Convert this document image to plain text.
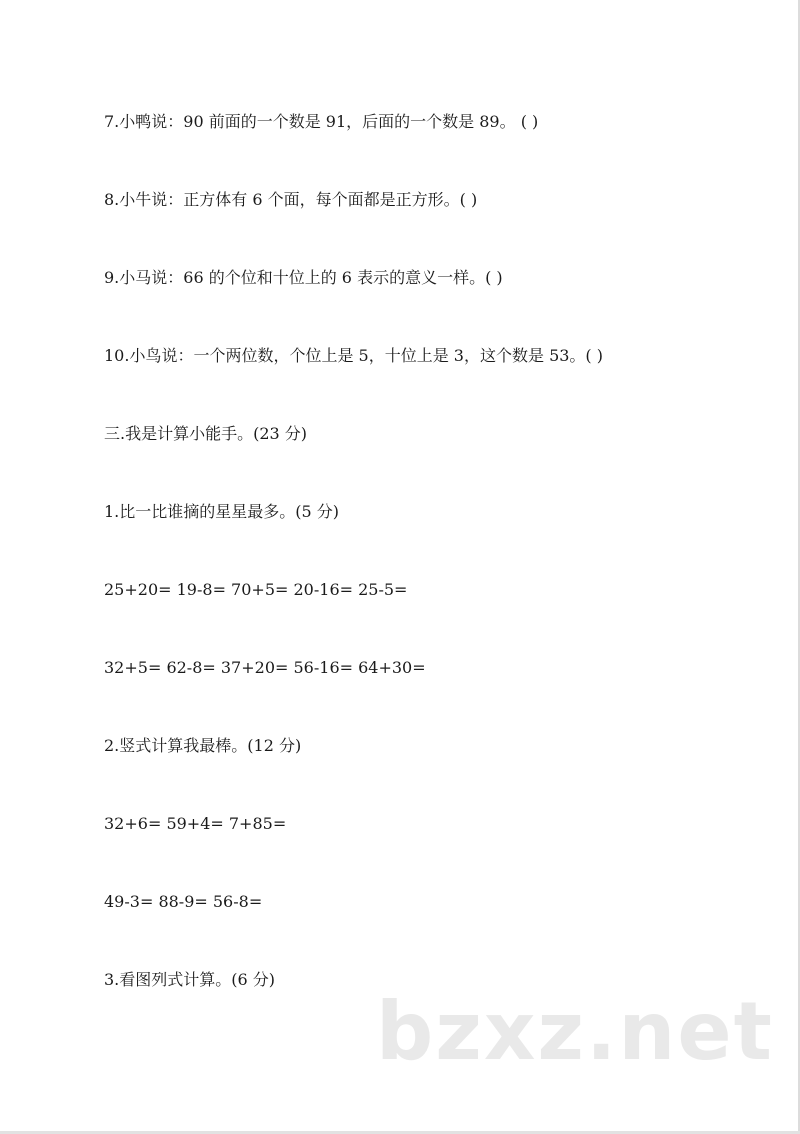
7.小鸭说：90 前面的一个数是 91，后面的一个数是 89。 ( )
8.小牛说：正方体有 6 个面，每个面都是正方形。( )
9.小马说：66 的个位和十位上的 6 表示的意义一样。( )
10.小鸟说：一个两位数，个位上是 5，十位上是 3，这个数是 53。( )
三.我是计算小能手。(23 分)
1.比一比谁摘的星星最多。(5 分)
25+20= 19-8= 70+5= 20-16= 25-5=
32+5= 62-8= 37+20= 56-16= 64+30=
2.竖式计算我最棒。(12 分)
32+6= 59+4= 7+85=
49-3= 88-9= 56-8=
3.看图列式计算。(6 分)
bzxz.net
